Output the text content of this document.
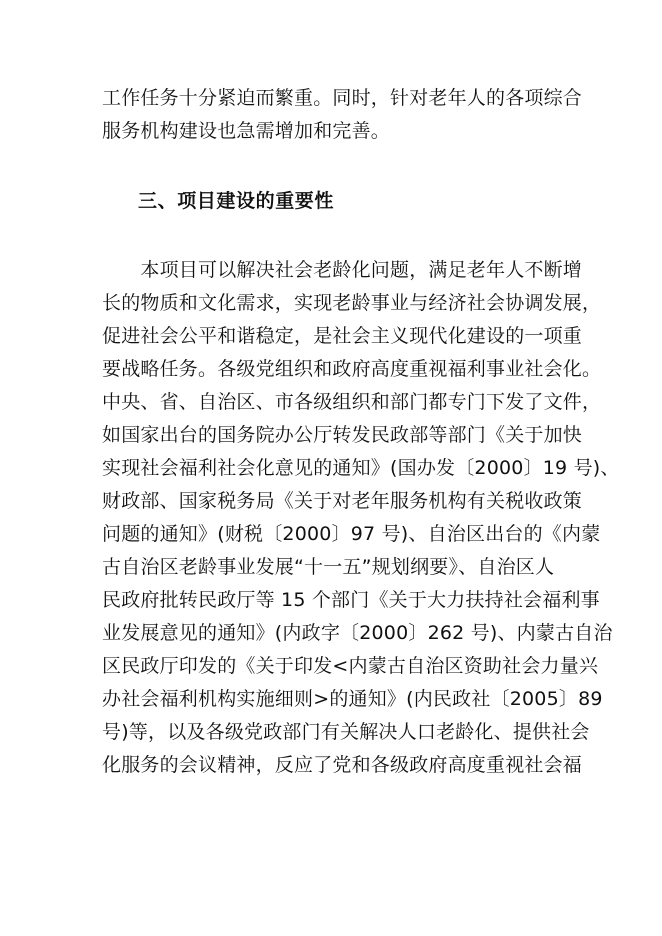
工作任务十分紧迫而繁重。同时，针对老年人的各项综合
服务机构建设也急需增加和完善。
三、项目建设的重要性
　　本项目可以解决社会老龄化问题，满足老年人不断增
长的物质和文化需求，实现老龄事业与经济社会协调发展，
促进社会公平和谐稳定，是社会主义现代化建设的一项重
要战略任务。各级党组织和政府高度重视福利事业社会化。
中央、省、自治区、市各级组织和部门都专门下发了文件，
如国家出台的国务院办公厅转发民政部等部门《关于加快
实现社会福利社会化意见的通知》(国办发〔2000〕19 号)、
财政部、国家税务局《关于对老年服务机构有关税收政策
问题的通知》(财税〔2000〕97 号)、自治区出台的《内蒙
古自治区老龄事业发展“十一五”规划纲要》、自治区人
民政府批转民政厅等 15 个部门《关于大力扶持社会福利事
业发展意见的通知》(内政字〔2000〕262 号)、内蒙古自治
区民政厅印发的《关于印发<内蒙古自治区资助社会力量兴
办社会福利机构实施细则>的通知》(内民政社〔2005〕89
号)等，以及各级党政部门有关解决人口老龄化、提供社会
化服务的会议精神，反应了党和各级政府高度重视社会福
